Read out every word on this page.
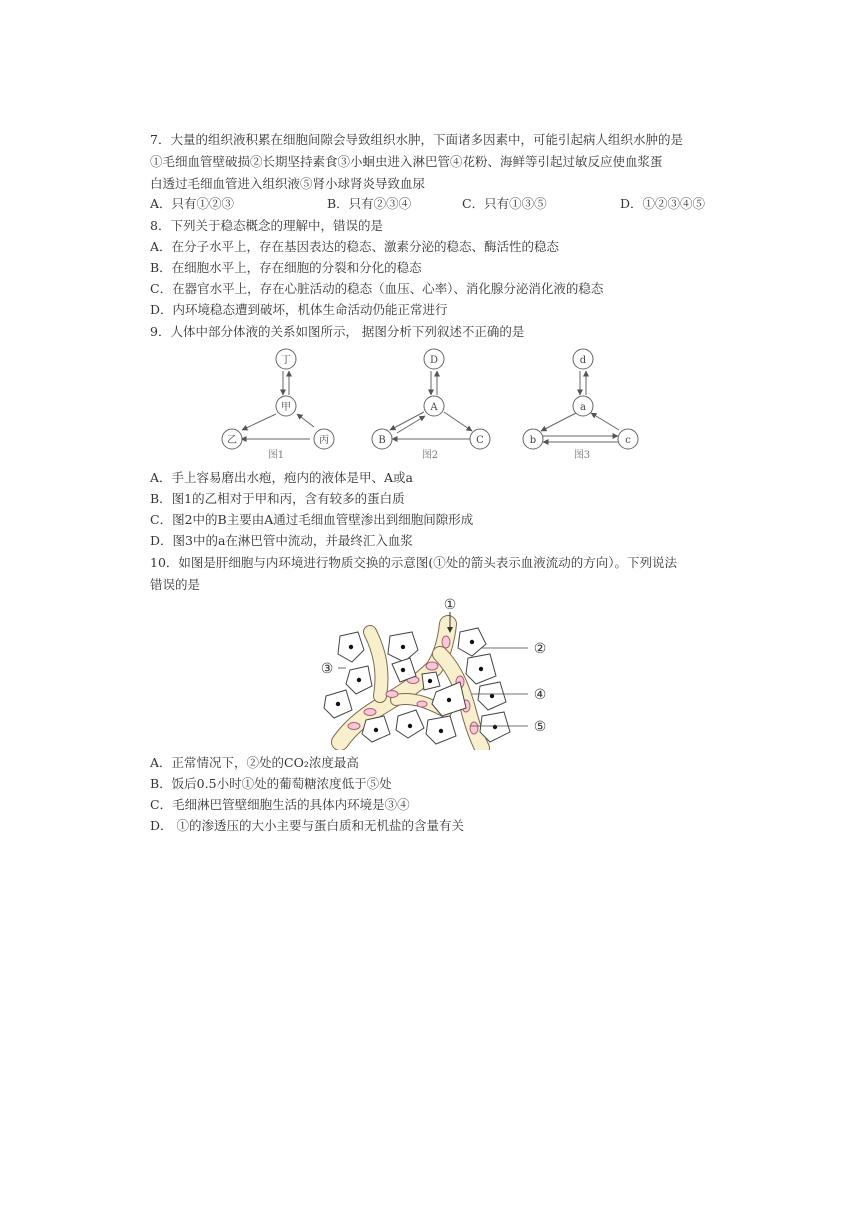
7．大量的组织液积累在细胞间隙会导致组织水肿，下面诸多因素中，可能引起病人组织水肿的是
①毛细血管壁破损②长期坚持素食③小蛔虫进入淋巴管④花粉、海鲜等引起过敏反应使血浆蛋
白透过毛细血管进入组织液⑤肾小球肾炎导致血尿
A．只有①②③	B．只有②③④	C．只有①③⑤	D．①②③④⑤
8．下列关于稳态概念的理解中，错误的是
A．在分子水平上，存在基因表达的稳态、激素分泌的稳态、酶活性的稳态
B．在细胞水平上，存在细胞的分裂和分化的稳态
C．在器官水平上，存在心脏活动的稳态（血压、心率）、消化腺分泌消化液的稳态
D．内环境稳态遭到破坏，机体生命活动仍能正常进行
9．人体中部分体液的关系如图所示， 据图分析下列叙述不正确的是
丁
甲
乙	丙
图1
D
A
B	C
图2
d
a
b	c
图3
A．手上容易磨出水疱，疱内的液体是甲、A或a
B．图1的乙相对于甲和丙，含有较多的蛋白质
C．图2中的B主要由A通过毛细血管壁渗出到细胞间隙形成
D．图3中的a在淋巴管中流动，并最终汇入血浆
10．如图是肝细胞与内环境进行物质交换的示意图(①处的箭头表示血液流动的方向）。下列说法
错误的是
①
②
③
④
⑤
A．正常情况下，②处的CO₂浓度最高
B．饭后0.5小时①处的葡萄糖浓度低于⑤处
C．毛细淋巴管壁细胞生活的具体内环境是③④
D． ①的渗透压的大小主要与蛋白质和无机盐的含量有关
